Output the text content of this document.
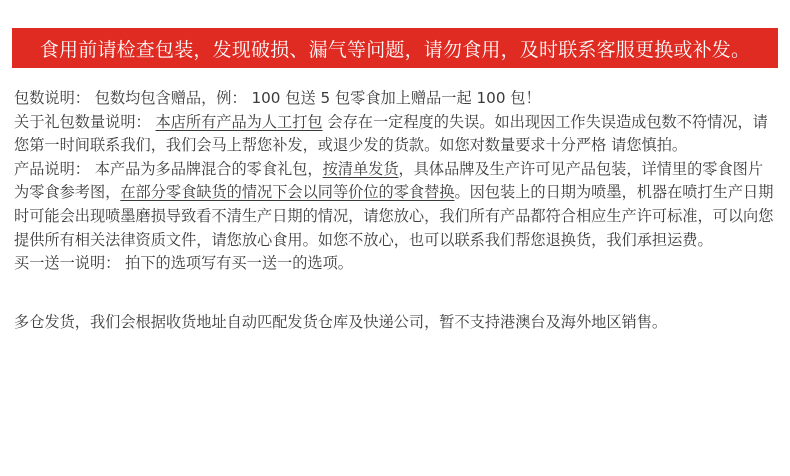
食用前请检查包装，发现破损、漏气等问题，请勿食用，及时联系客服更换或补发。

包数说明： 包数均包含赠品，例： 100 包送 5 包零食加上赠品一起 100 包！

关于礼包数量说明： 本店所有产品为人工打包 会存在一定程度的失误。如出现因工作失误造成包数不符情况，请您第一时间联系我们，我们会马上帮您补发，或退少发的货款。如您对数量要求十分严格 请您慎拍。

产品说明： 本产品为多品牌混合的零食礼包，按清单发货，具体品牌及生产许可见产品包装，详情里的零食图片为零食参考图，在部分零食缺货的情况下会以同等价位的零食替换。因包装上的日期为喷墨，机器在喷打生产日期时可能会出现喷墨磨损导致看不清生产日期的情况，请您放心，我们所有产品都符合相应生产许可标准，可以向您提供所有相关法律资质文件，请您放心食用。如您不放心，也可以联系我们帮您退换货，我们承担运费。

买一送一说明： 拍下的选项写有买一送一的选项。

多仓发货，我们会根据收货地址自动匹配发货仓库及快递公司，暂不支持港澳台及海外地区销售。
